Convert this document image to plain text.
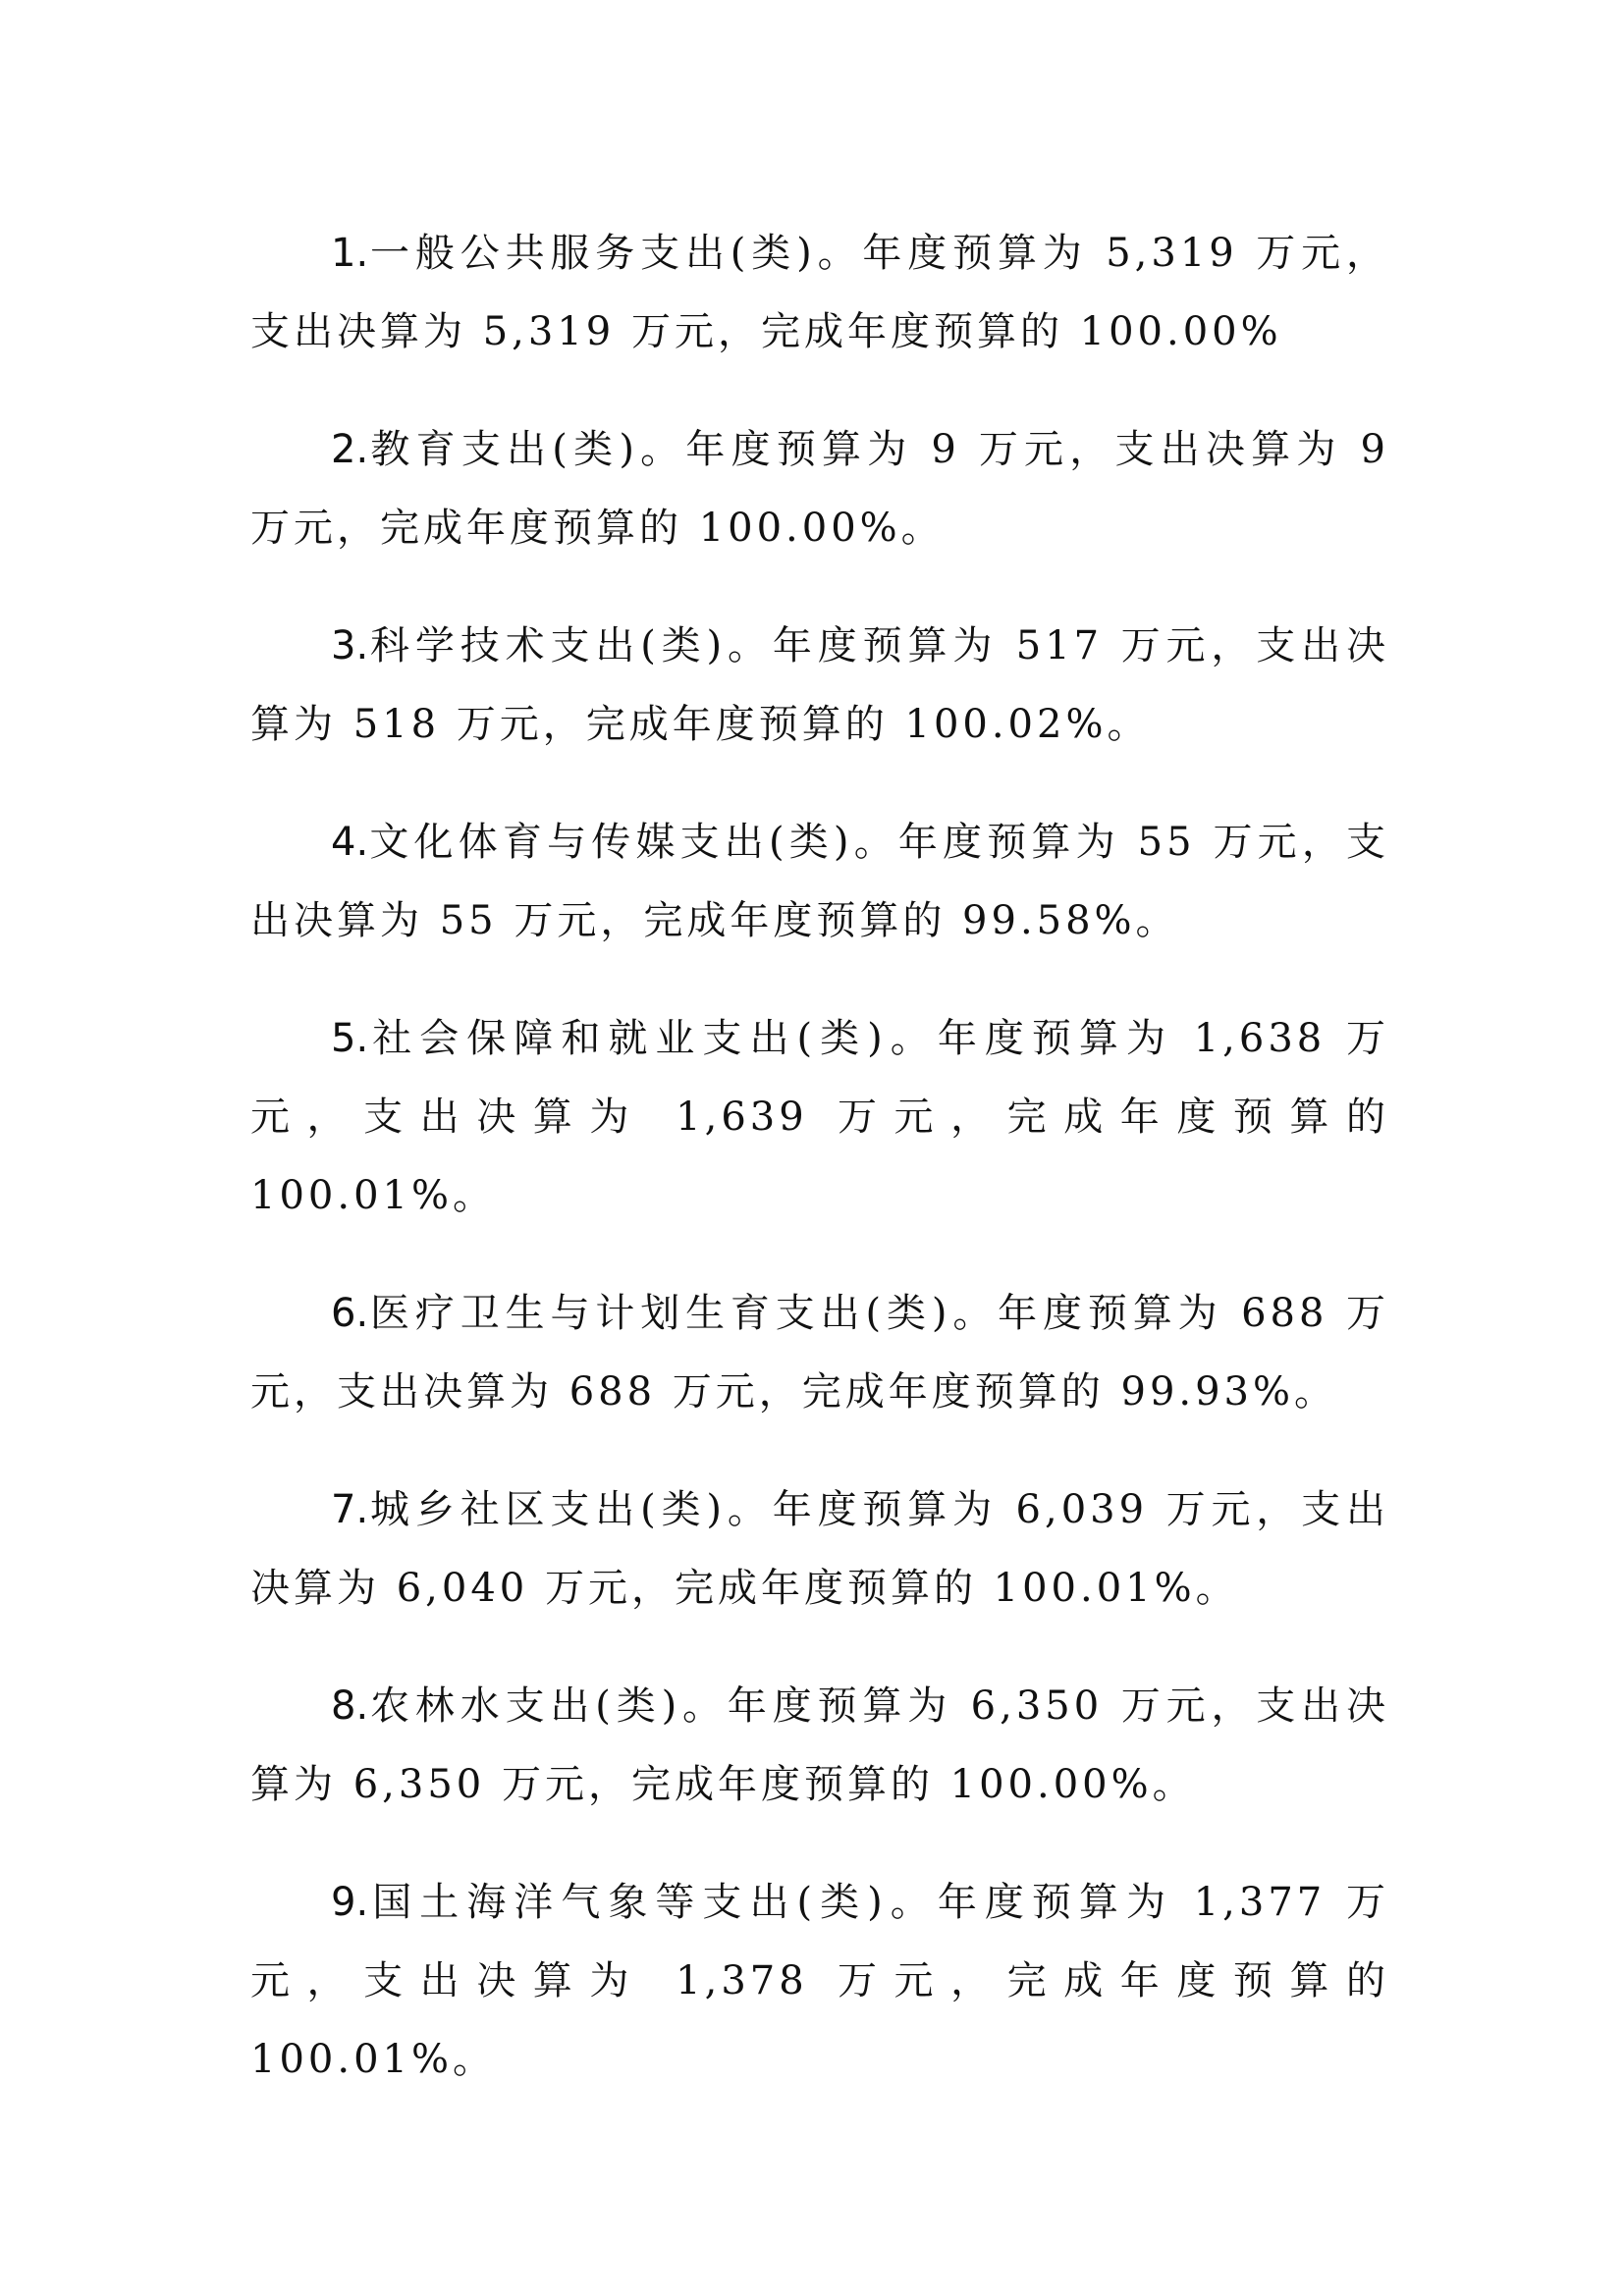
1.一般公共服务支出(类)。年度预算为 5,319 万元，支出决算为 5,319 万元，完成年度预算的 100.00%

2.教育支出(类)。年度预算为 9 万元，支出决算为 9 万元，完成年度预算的 100.00%。

3.科学技术支出(类)。年度预算为 517 万元，支出决算为 518 万元，完成年度预算的 100.02%。

4.文化体育与传媒支出(类)。年度预算为 55 万元，支出决算为 55 万元，完成年度预算的 99.58%。

5.社会保障和就业支出(类)。年度预算为 1,638 万元，支出决算为 1,639 万元，完成年度预算的 100.01%。

6.医疗卫生与计划生育支出(类)。年度预算为 688 万元，支出决算为 688 万元，完成年度预算的 99.93%。

7.城乡社区支出(类)。年度预算为 6,039 万元，支出决算为 6,040 万元，完成年度预算的 100.01%。

8.农林水支出(类)。年度预算为 6,350 万元，支出决算为 6,350 万元，完成年度预算的 100.00%。

9.国土海洋气象等支出(类)。年度预算为 1,377 万元，支出决算为 1,378 万元，完成年度预算的 100.01%。
